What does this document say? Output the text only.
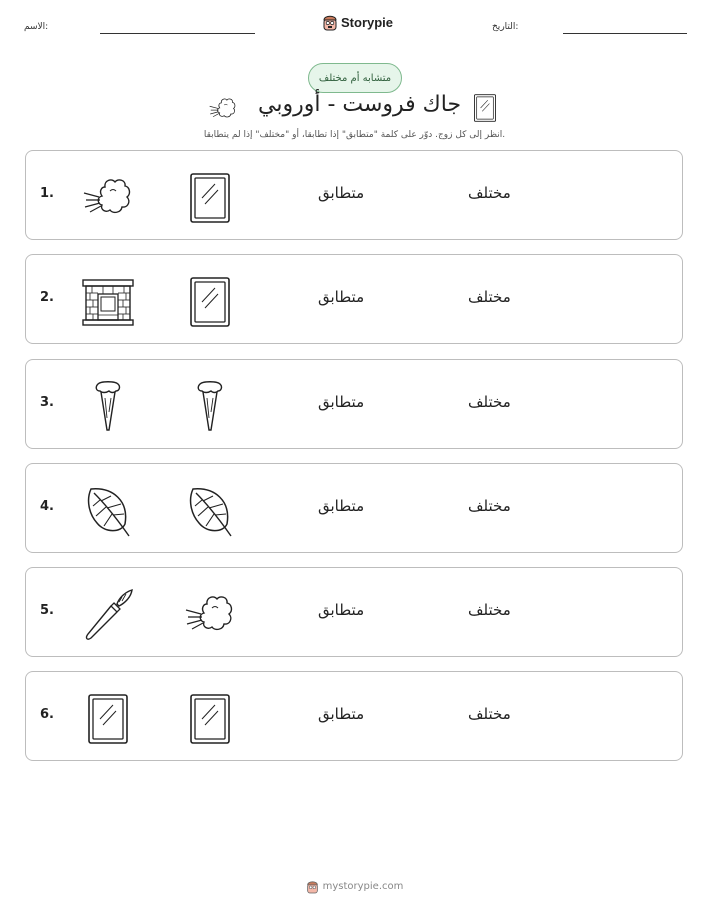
الاسم:	Storypie	التاريخ:
متشابه أم مختلف
جاك فروست - أوروبي
انظر إلى كل زوج. دوّر على كلمة "متطابق" إذا تطابقا، أو "مختلف" إذا لم يتطابقا.
1.	متطابق	مختلف
2.	متطابق	مختلف
3.	متطابق	مختلف
4.	متطابق	مختلف
5.	متطابق	مختلف
6.	متطابق	مختلف
mystorypie.com
